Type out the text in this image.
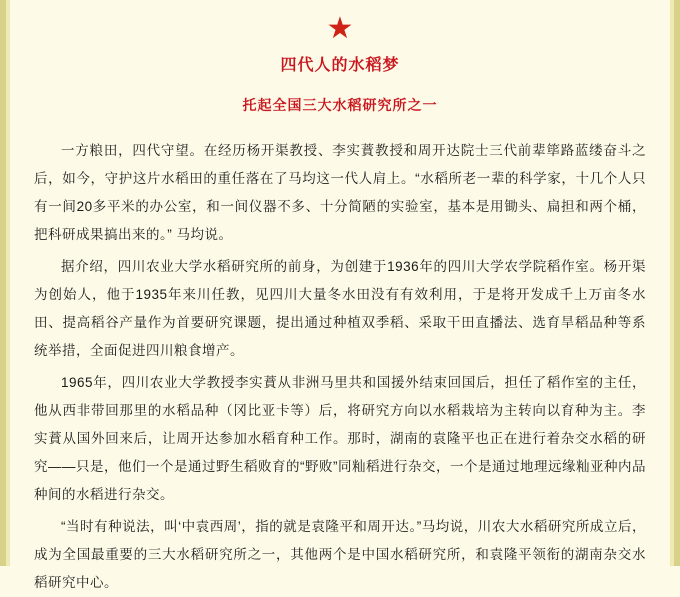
★
四代人的水稻梦
托起全国三大水稻研究所之一

一方粮田，四代守望。在经历杨开渠教授、李实蕡教授和周开达院士三代前辈筚路蓝缕奋斗之后，如今，守护这片水稻田的重任落在了马均这一代人肩上。“水稻所老一辈的科学家，十几个人只有一间20多平米的办公室，和一间仪器不多、十分简陋的实验室，基本是用锄头、扁担和两个桶，把科研成果搞出来的。” 马均说。

据介绍，四川农业大学水稻研究所的前身，为创建于1936年的四川大学农学院稻作室。杨开渠为创始人，他于1935年来川任教，见四川大量冬水田没有有效利用，于是将开发成千上万亩冬水田、提高稻谷产量作为首要研究课题，提出通过种植双季稻、采取干田直播法、选育旱稻品种等系统举措，全面促进四川粮食增产。

1965年，四川农业大学教授李实蕡从非洲马里共和国援外结束回国后，担任了稻作室的主任，他从西非带回那里的水稻品种（冈比亚卡等）后，将研究方向以水稻栽培为主转向以育种为主。李实蕡从国外回来后，让周开达参加水稻育种工作。那时，湖南的袁隆平也正在进行着杂交水稻的研究——只是，他们一个是通过野生稻败育的“野败”同籼稻进行杂交，一个是通过地理远缘籼亚种内品种间的水稻进行杂交。

“当时有种说法，叫‘中袁西周’，指的就是袁隆平和周开达。”马均说，川农大水稻研究所成立后，成为全国最重要的三大水稻研究所之一，其他两个是中国水稻研究所，和袁隆平领衔的湖南杂交水稻研究中心。
